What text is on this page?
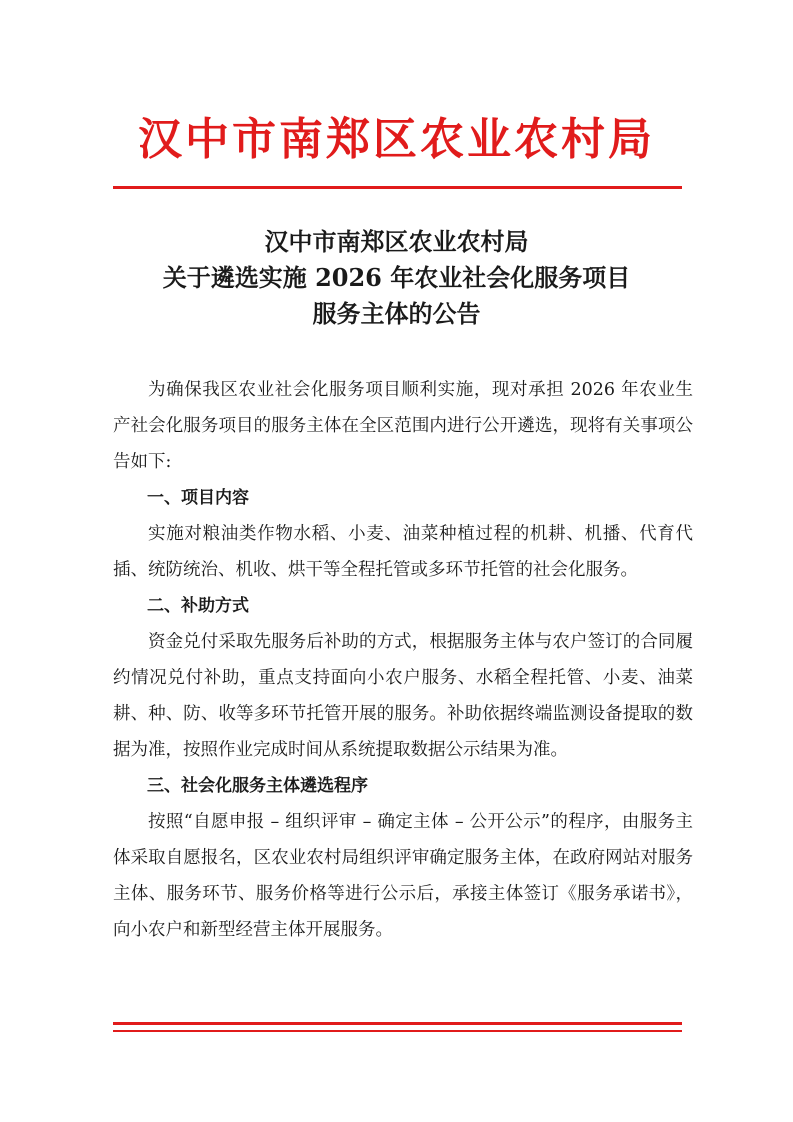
汉中市南郑区农业农村局
汉中市南郑区农业农村局
关于遴选实施 2026 年农业社会化服务项目
服务主体的公告

为确保我区农业社会化服务项目顺利实施，现对承担 2026 年农业生产社会化服务项目的服务主体在全区范围内进行公开遴选，现将有关事项公告如下:

一、项目内容

实施对粮油类作物水稻、小麦、油菜种植过程的机耕、机播、代育代插、统防统治、机收、烘干等全程托管或多环节托管的社会化服务。

二、补助方式

资金兑付采取先服务后补助的方式，根据服务主体与农户签订的合同履约情况兑付补助，重点支持面向小农户服务、水稻全程托管、小麦、油菜耕、种、防、收等多环节托管开展的服务。补助依据终端监测设备提取的数据为准，按照作业完成时间从系统提取数据公示结果为准。

三、社会化服务主体遴选程序

按照“自愿申报 – 组织评审 – 确定主体 – 公开公示”的程序，由服务主体采取自愿报名，区农业农村局组织评审确定服务主体，在政府网站对服务主体、服务环节、服务价格等进行公示后，承接主体签订《服务承诺书》，向小农户和新型经营主体开展服务。
